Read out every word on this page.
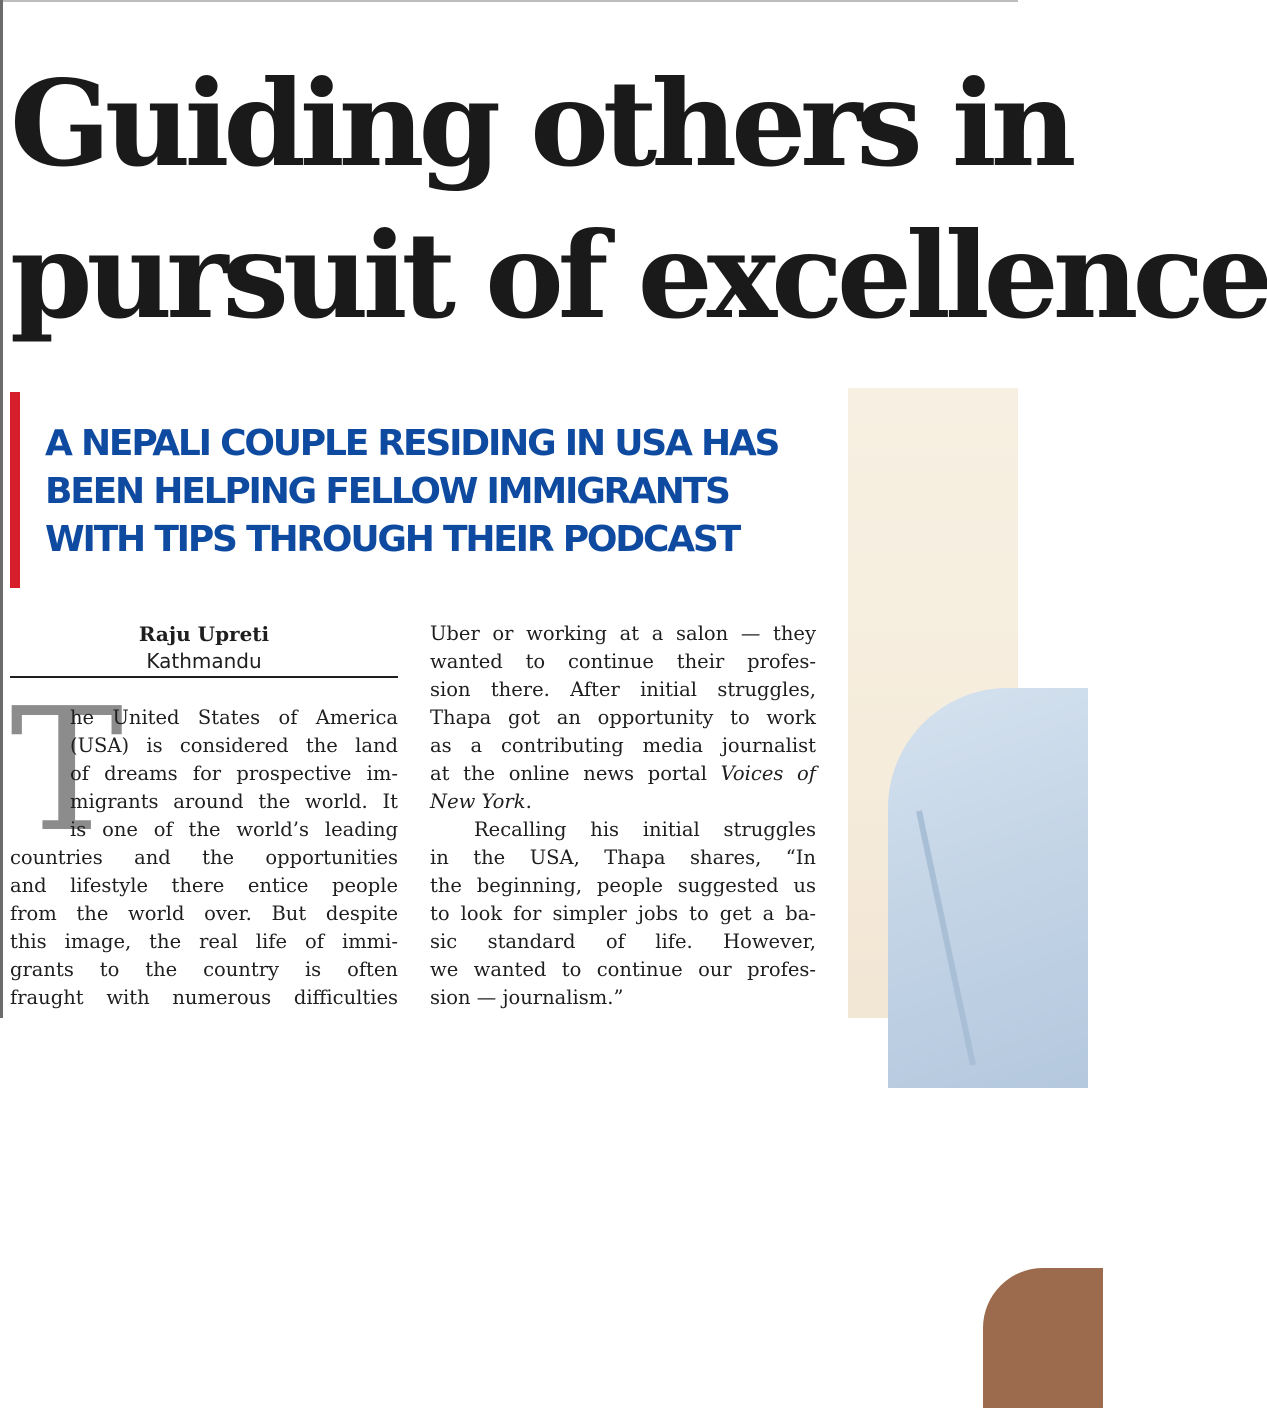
Guiding others in
pursuit of excellence
A NEPALI COUPLE RESIDING IN USA HAS
BEEN HELPING FELLOW IMMIGRANTS
WITH TIPS THROUGH THEIR PODCAST
Raju Upreti
Kathmandu
T
he United States of America
(USA) is considered the land
of dreams for prospective im-
migrants around the world. It
is one of the world’s leading
countries and the opportunities
and lifestyle there entice people
from the world over. But despite
this image, the real life of immi-
grants to the country is often
fraught with numerous difficulties
Uber or working at a salon — they
wanted to continue their profes-
sion there. After initial struggles,
Thapa got an opportunity to work
as a contributing media journalist
at the online news portal Voices of
New York.
Recalling his initial struggles
in the USA, Thapa shares, “In
the beginning, people suggested us
to look for simpler jobs to get a ba-
sic standard of life. However,
we wanted to continue our profes-
sion — journalism.”
